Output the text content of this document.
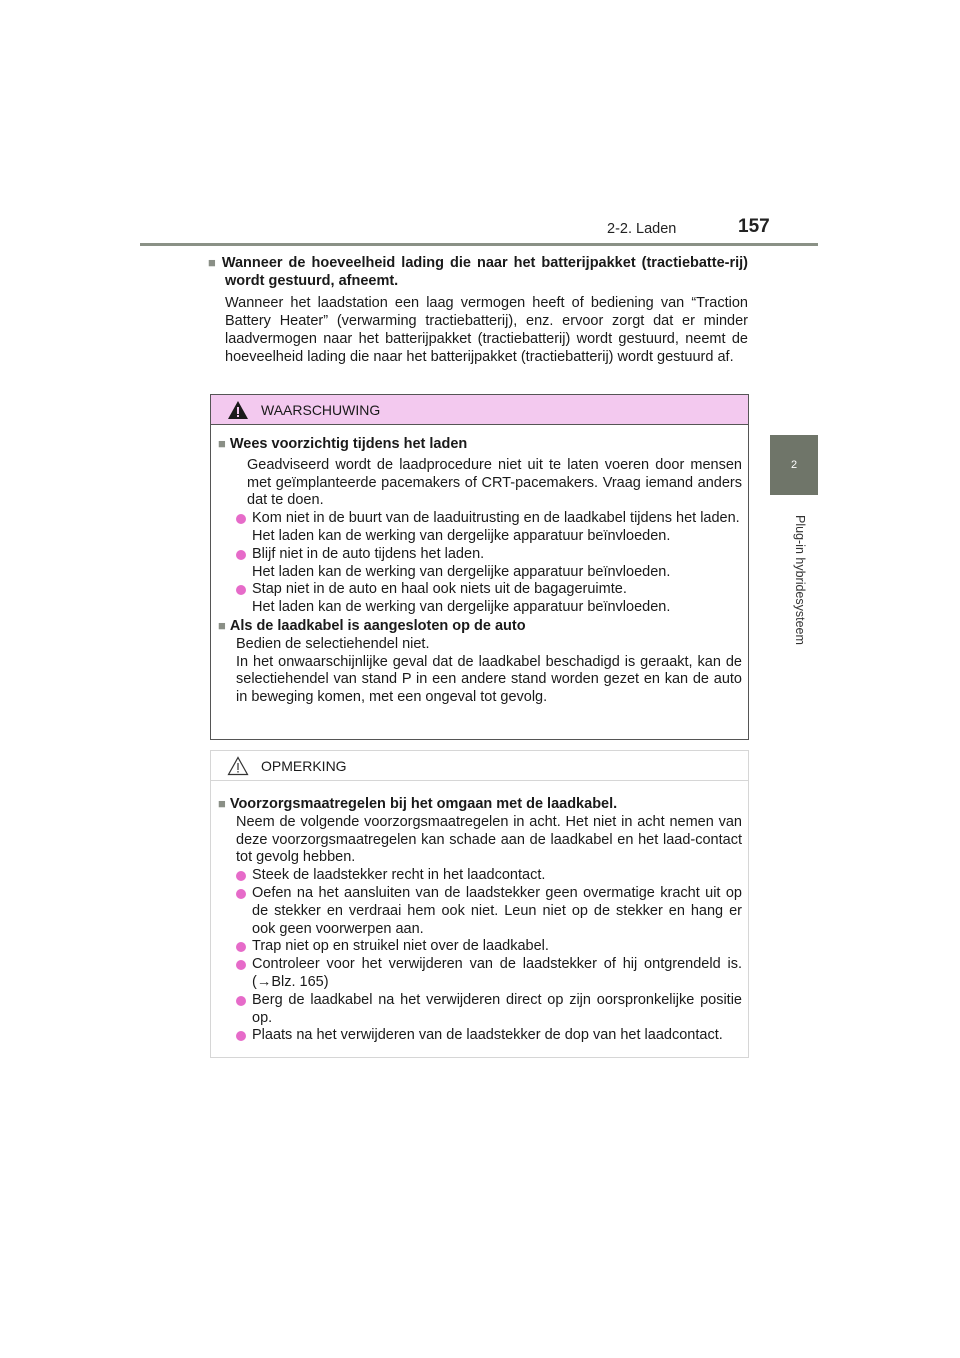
2-2. Laden	157
2
Plug-in hybridesysteem
■ Wanneer de hoeveelheid lading die naar het batterijpakket (tractiebatte-rij) wordt gestuurd, afneemt.

Wanneer het laadstation een laag vermogen heeft of bediening van “Traction Battery Heater” (verwarming tractiebatterij), enz. ervoor zorgt dat er minder laadvermogen naar het batterijpakket (tractiebatterij) wordt gestuurd, neemt de hoeveelheid lading die naar het batterijpakket (tractiebatterij) wordt gestuurd af.

WAARSCHUWING

■ Wees voorzichtig tijdens het laden

Geadviseerd wordt de laadprocedure niet uit te laten voeren door mensen met geïmplanteerde pacemakers of CRT-pacemakers. Vraag iemand anders dat te doen.

Kom niet in de buurt van de laaduitrusting en de laadkabel tijdens het laden.
Het laden kan de werking van dergelijke apparatuur beïnvloeden.
Blijf niet in de auto tijdens het laden.
Het laden kan de werking van dergelijke apparatuur beïnvloeden.
Stap niet in de auto en haal ook niets uit de bagageruimte.
Het laden kan de werking van dergelijke apparatuur beïnvloeden.

■ Als de laadkabel is aangesloten op de auto

Bedien de selectiehendel niet.
In het onwaarschijnlijke geval dat de laadkabel beschadigd is geraakt, kan de selectiehendel van stand P in een andere stand worden gezet en kan de auto in beweging komen, met een ongeval tot gevolg.

OPMERKING

■ Voorzorgsmaatregelen bij het omgaan met de laadkabel.

Neem de volgende voorzorgsmaatregelen in acht. Het niet in acht nemen van deze voorzorgsmaatregelen kan schade aan de laadkabel en het laad-contact tot gevolg hebben.

Steek de laadstekker recht in het laadcontact.
Oefen na het aansluiten van de laadstekker geen overmatige kracht uit op de stekker en verdraai hem ook niet. Leun niet op de stekker en hang er ook geen voorwerpen aan.
Trap niet op en struikel niet over de laadkabel.
Controleer voor het verwijderen van de laadstekker of hij ontgrendeld is. (→Blz. 165)
Berg de laadkabel na het verwijderen direct op zijn oorspronkelijke positie op.
Plaats na het verwijderen van de laadstekker de dop van het laadcontact.
